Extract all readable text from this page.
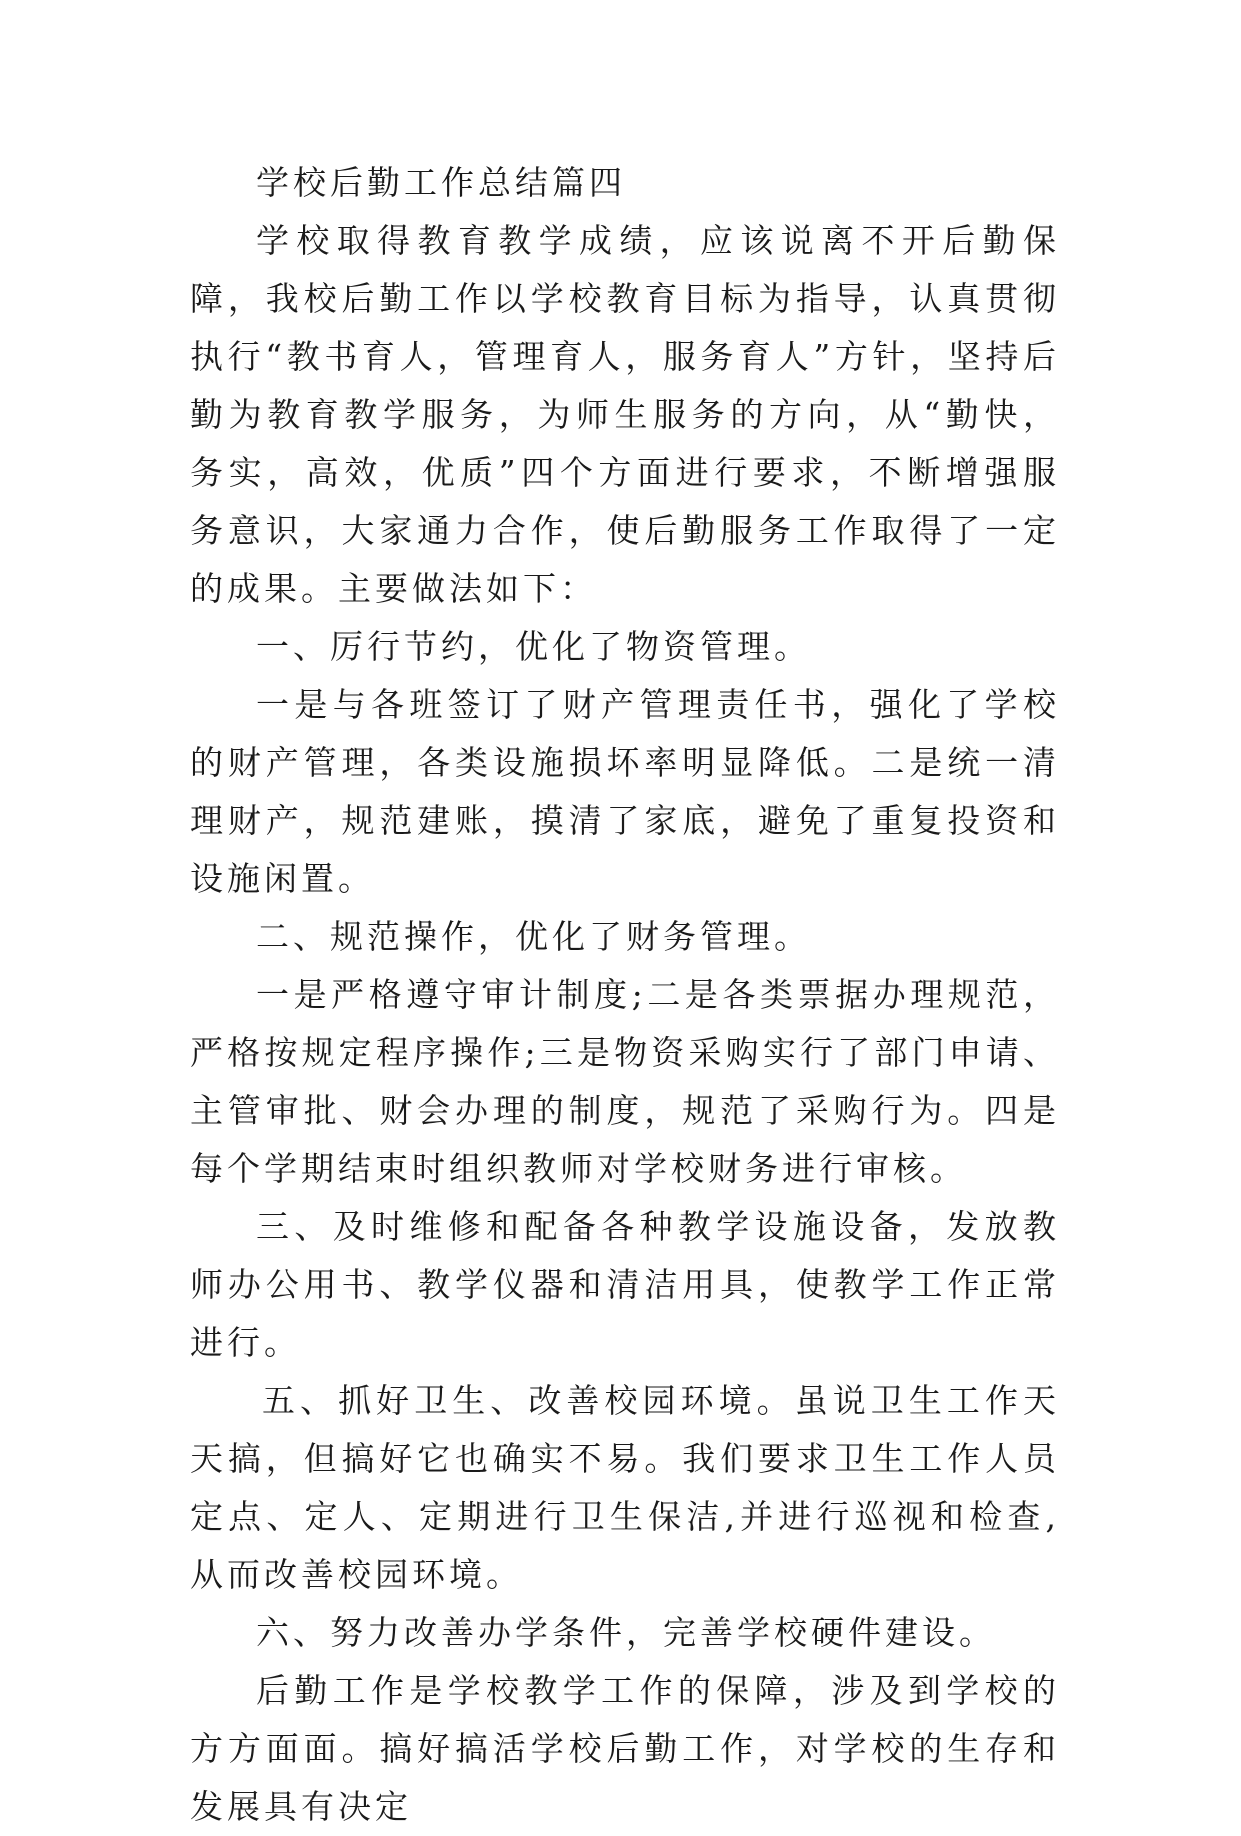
学校后勤工作总结篇四

学校取得教育教学成绩，应该说离不开后勤保障，我校后勤工作以学校教育目标为指导，认真贯彻执行“教书育人，管理育人，服务育人”方针，坚持后勤为教育教学服务，为师生服务的方向，从“勤快，务实，高效，优质”四个方面进行要求，不断增强服务意识，大家通力合作，使后勤服务工作取得了一定的成果。主要做法如下：

一、厉行节约，优化了物资管理。

一是与各班签订了财产管理责任书，强化了学校的财产管理，各类设施损坏率明显降低。二是统一清理财产，规范建账，摸清了家底，避免了重复投资和设施闲置。

二、规范操作，优化了财务管理。

一是严格遵守审计制度;二是各类票据办理规范，严格按规定程序操作;三是物资采购实行了部门申请、主管审批、财会办理的制度，规范了采购行为。四是每个学期结束时组织教师对学校财务进行审核。

三、及时维修和配备各种教学设施设备，发放教师办公用书、教学仪器和清洁用具，使教学工作正常进行。

五、抓好卫生、改善校园环境。虽说卫生工作天天搞，但搞好它也确实不易。我们要求卫生工作人员定点、定人、定期进行卫生保洁,并进行巡视和检查,从而改善校园环境。

六、努力改善办学条件，完善学校硬件建设。

后勤工作是学校教学工作的保障，涉及到学校的方方面面。搞好搞活学校后勤工作，对学校的生存和发展具有决定
